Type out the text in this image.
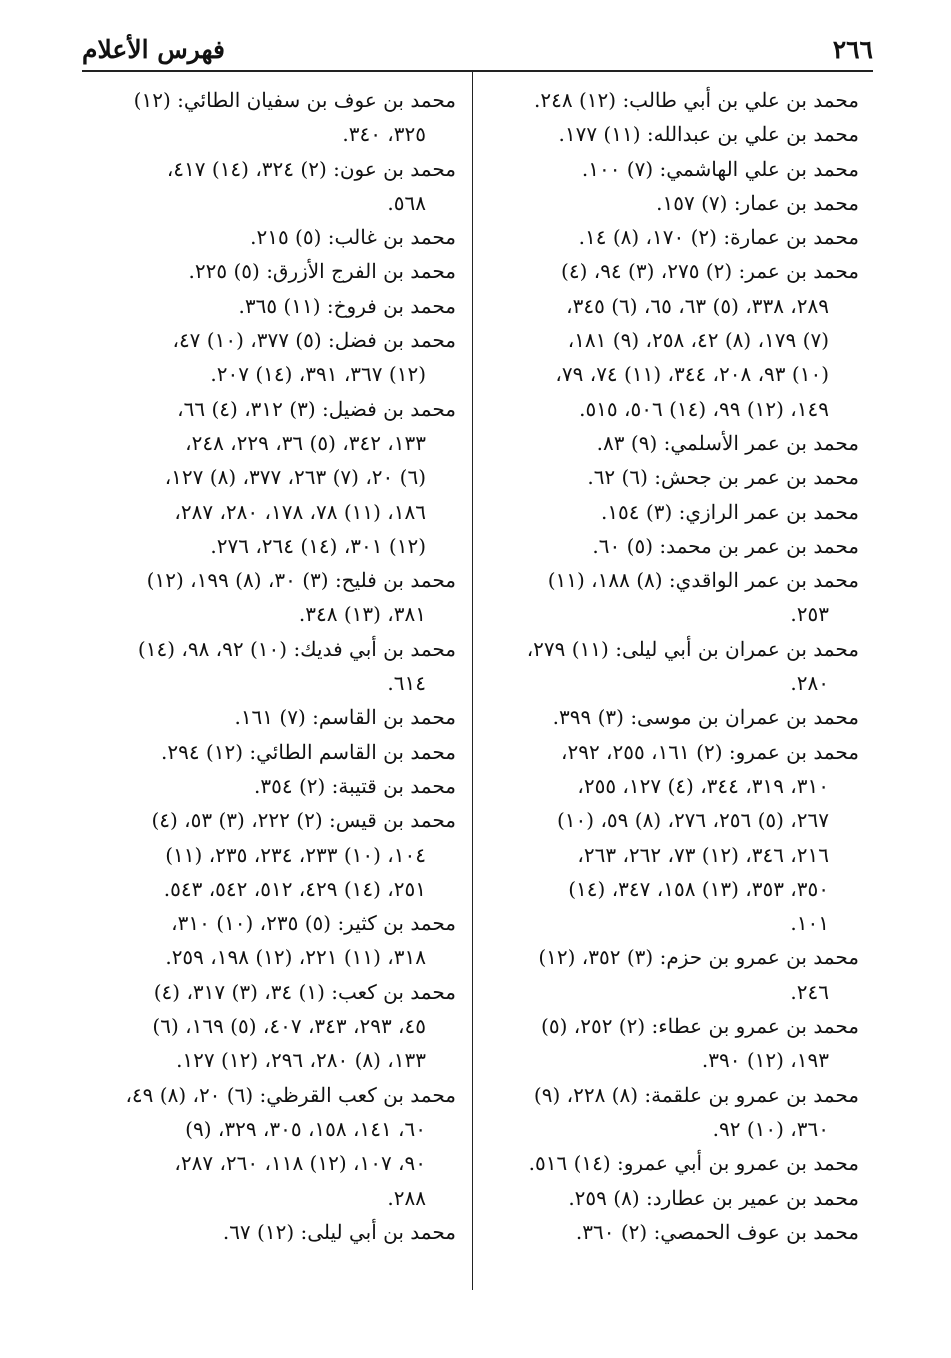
فهرس الأعلام	٢٦٦
محمد بن علي بن أبي طالب: (١٢) ٢٤٨.
محمد بن علي بن عبدالله: (١١) ١٧٧.
محمد بن علي الهاشمي: (٧) ١٠٠.
محمد بن عمار: (٧) ١٥٧.
محمد بن عمارة: (٢) ١٧٠، (٨) ١٤.
محمد بن عمر: (٢) ٢٧٥، (٣) ٩٤، (٤)
٢٨٩، ٣٣٨، (٥) ٦٣، ٦٥، (٦) ٣٤٥،
(٧) ١٧٩، (٨) ٤٢، ٢٥٨، (٩) ١٨١،
(١٠) ٩٣، ٢٠٨، ٣٤٤، (١١) ٧٤، ٧٩،
١٤٩، (١٢) ٩٩، (١٤) ٥٠٦، ٥١٥.
محمد بن عمر الأسلمي: (٩) ٨٣.
محمد بن عمر بن جحش: (٦) ٦٢.
محمد بن عمر الرازي: (٣) ١٥٤.
محمد بن عمر بن محمد: (٥) ٦٠.
محمد بن عمر الواقدي: (٨) ١٨٨، (١١)
٢٥٣.
محمد بن عمران بن أبي ليلى: (١١) ٢٧٩،
٢٨٠.
محمد بن عمران بن موسى: (٣) ٣٩٩.
محمد بن عمرو: (٢) ١٦١، ٢٥٥، ٢٩٢،
٣١٠، ٣١٩، ٣٤٤، (٤) ١٢٧، ٢٥٥،
٢٦٧، (٥) ٢٥٦، ٢٧٦، (٨) ٥٩، (١٠)
٢١٦، ٣٤٦، (١٢) ٧٣، ٢٦٢، ٢٦٣،
٣٥٠، ٣٥٣، (١٣) ١٥٨، ٣٤٧، (١٤)
١٠١.
محمد بن عمرو بن حزم: (٣) ٣٥٢، (١٢)
٢٤٦.
محمد بن عمرو بن عطاء: (٢) ٢٥٢، (٥)
١٩٣، (١٢) ٣٩٠.
محمد بن عمرو بن علقمة: (٨) ٢٢٨، (٩)
٣٦٠، (١٠) ٩٢.
محمد بن عمرو بن أبي عمرو: (١٤) ٥١٦.
محمد بن عمير بن عطارد: (٨) ٢٥٩.
محمد بن عوف الحمصي: (٢) ٣٦٠.
محمد بن عوف بن سفيان الطائي: (١٢)
٣٢٥، ٣٤٠.
محمد بن عون: (٢) ٣٢٤، (١٤) ٤١٧،
٥٦٨.
محمد بن غالب: (٥) ٢١٥.
محمد بن الفرج الأزرق: (٥) ٢٢٥.
محمد بن فروخ: (١١) ٣٦٥.
محمد بن فضل: (٥) ٣٧٧، (١٠) ٤٧،
(١٢) ٣٦٧، ٣٩١، (١٤) ٢٠٧.
محمد بن فضيل: (٣) ٣١٢، (٤) ٦٦،
١٣٣، ٣٤٢، (٥) ٣٦، ٢٢٩، ٢٤٨،
(٦) ٢٠، (٧) ٢٦٣، ٣٧٧، (٨) ١٢٧،
١٨٦، (١١) ٧٨، ١٧٨، ٢٨٠، ٢٨٧،
(١٢) ٣٠١، (١٤) ٢٦٤، ٢٧٦.
محمد بن فليح: (٣) ٣٠، (٨) ١٩٩، (١٢)
٣٨١، (١٣) ٣٤٨.
محمد بن أبي فديك: (١٠) ٩٢، ٩٨، (١٤)
٦١٤.
محمد بن القاسم: (٧) ١٦١.
محمد بن القاسم الطائي: (١٢) ٢٩٤.
محمد بن قتيبة: (٢) ٣٥٤.
محمد بن قيس: (٢) ٢٢٢، (٣) ٥٣، (٤)
١٠٤، (١٠) ٢٣٣، ٢٣٤، ٢٣٥، (١١)
٢٥١، (١٤) ٤٢٩، ٥١٢، ٥٤٢، ٥٤٣.
محمد بن كثير: (٥) ٢٣٥، (١٠) ٣١٠،
٣١٨، (١١) ٢٢١، (١٢) ١٩٨، ٢٥٩.
محمد بن كعب: (١) ٣٤، (٣) ٣١٧، (٤)
٤٥، ٢٩٣، ٣٤٣، ٤٠٧، (٥) ١٦٩، (٦)
١٣٣، (٨) ٢٨٠، ٢٩٦، (١٢) ١٢٧.
محمد بن كعب القرظي: (٦) ٢٠، (٨) ٤٩،
٦٠، ١٤١، ١٥٨، ٣٠٥، ٣٢٩، (٩)
٩٠، ١٠٧، (١٢) ١١٨، ٢٦٠، ٢٨٧،
٢٨٨.
محمد بن أبي ليلى: (١٢) ٦٧.
